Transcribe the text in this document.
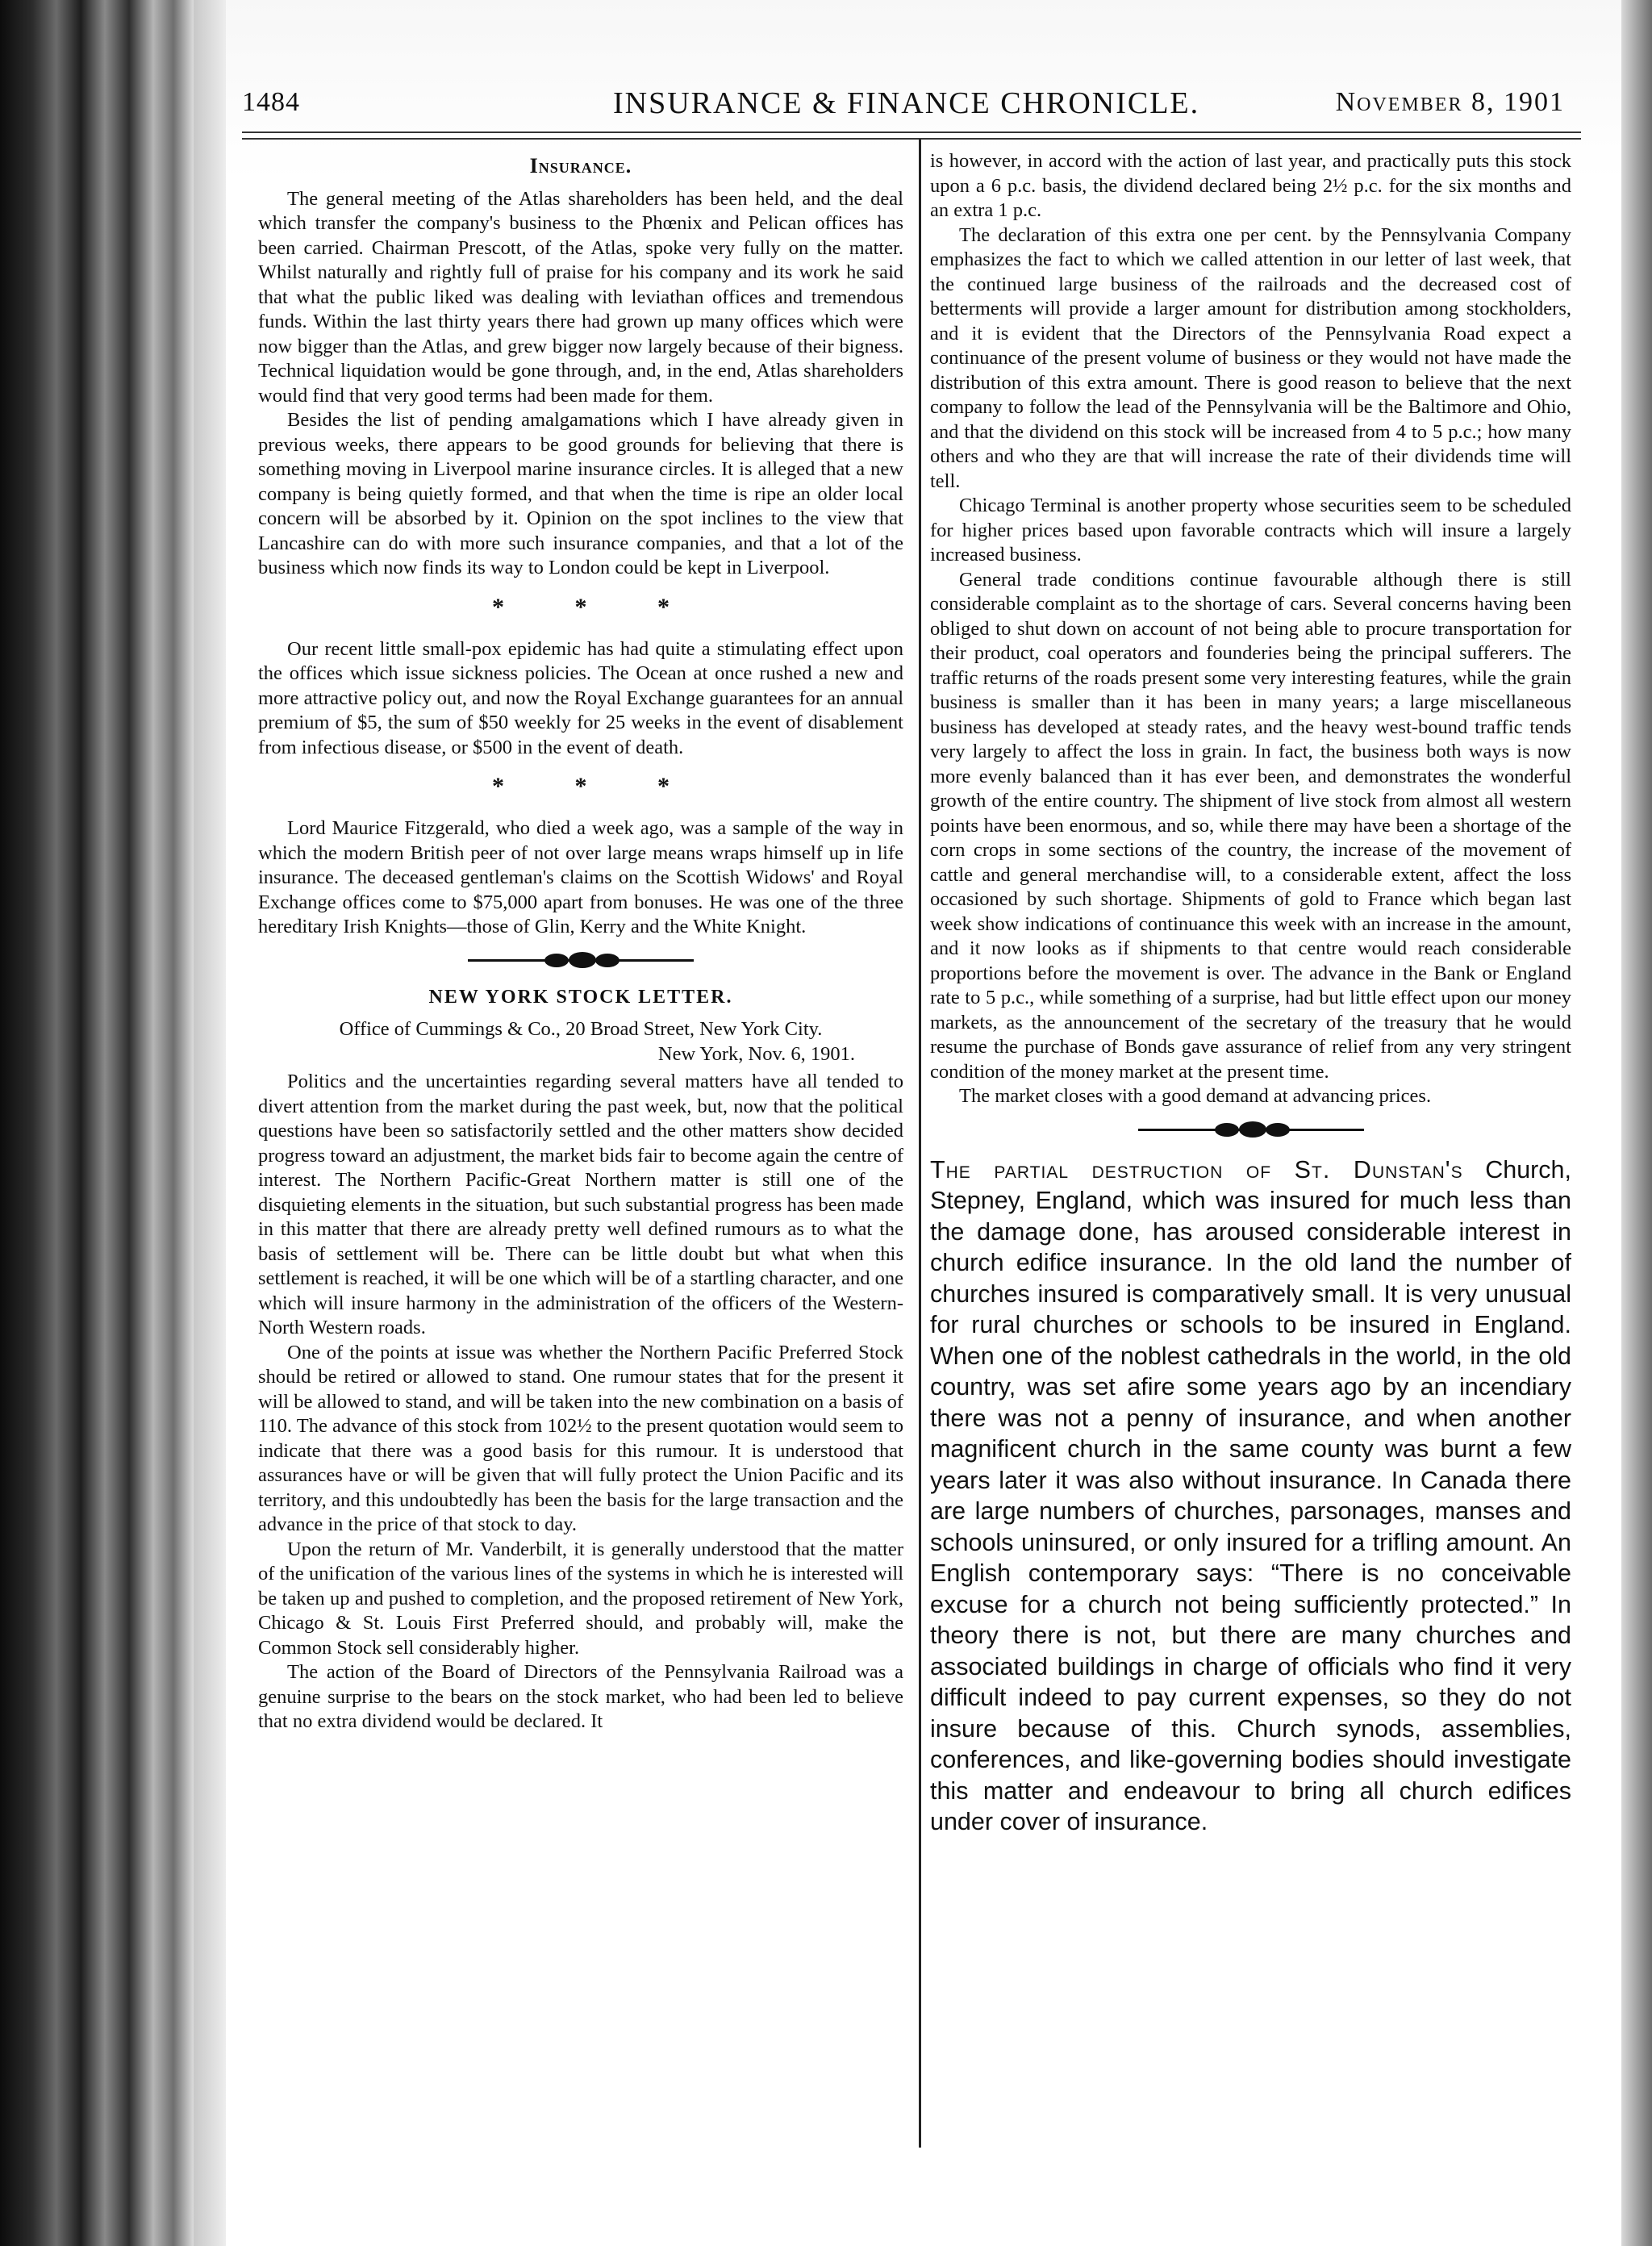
1484	INSURANCE & FINANCE CHRONICLE.	November 8, 1901
Insurance.

The general meeting of the Atlas shareholders has been held, and the deal which transfer the company's business to the Phœnix and Pelican offices has been carried. Chairman Prescott, of the Atlas, spoke very fully on the matter. Whilst naturally and rightly full of praise for his company and its work he said that what the public liked was dealing with leviathan offices and tremendous funds. Within the last thirty years there had grown up many offices which were now bigger than the Atlas, and grew bigger now largely because of their bigness. Technical liquidation would be gone through, and, in the end, Atlas shareholders would find that very good terms had been made for them.

Besides the list of pending amalgamations which I have already given in previous weeks, there appears to be good grounds for believing that there is something moving in Liverpool marine insurance circles. It is alleged that a new company is being quietly formed, and that when the time is ripe an older local concern will be absorbed by it. Opinion on the spot inclines to the view that Lancashire can do with more such insurance companies, and that a lot of the business which now finds its way to London could be kept in Liverpool.

* * *

Our recent little small-pox epidemic has had quite a stimulating effect upon the offices which issue sickness policies. The Ocean at once rushed a new and more attractive policy out, and now the Royal Exchange guarantees for an annual premium of $5, the sum of $50 weekly for 25 weeks in the event of disablement from infectious disease, or $500 in the event of death.

* * *

Lord Maurice Fitzgerald, who died a week ago, was a sample of the way in which the modern British peer of not over large means wraps himself up in life insurance. The deceased gentleman's claims on the Scottish Widows' and Royal Exchange offices come to $75,000 apart from bonuses. He was one of the three hereditary Irish Knights—those of Glin, Kerry and the White Knight.

NEW YORK STOCK LETTER.
Office of Cummings & Co., 20 Broad Street, New York City.
New York, Nov. 6, 1901.

Politics and the uncertainties regarding several matters have all tended to divert attention from the market during the past week, but, now that the political questions have been so satisfactorily settled and the other matters show decided progress toward an adjustment, the market bids fair to become again the centre of interest. The Northern Pacific-Great Northern matter is still one of the disquieting elements in the situation, but such substantial progress has been made in this matter that there are already pretty well defined rumours as to what the basis of settlement will be. There can be little doubt but what when this settlement is reached, it will be one which will be of a startling character, and one which will insure harmony in the administration of the officers of the Western-North Western roads.

One of the points at issue was whether the Northern Pacific Preferred Stock should be retired or allowed to stand. One rumour states that for the present it will be allowed to stand, and will be taken into the new combination on a basis of 110. The advance of this stock from 102½ to the present quotation would seem to indicate that there was a good basis for this rumour. It is understood that assurances have or will be given that will fully protect the Union Pacific and its territory, and this undoubtedly has been the basis for the large transaction and the advance in the price of that stock to day.

Upon the return of Mr. Vanderbilt, it is generally understood that the matter of the unification of the various lines of the systems in which he is interested will be taken up and pushed to completion, and the proposed retirement of New York, Chicago & St. Louis First Preferred should, and probably will, make the Common Stock sell considerably higher.

The action of the Board of Directors of the Pennsylvania Railroad was a genuine surprise to the bears on the stock market, who had been led to believe that no extra dividend would be declared. It

is however, in accord with the action of last year, and practically puts this stock upon a 6 p.c. basis, the dividend declared being 2½ p.c. for the six months and an extra 1 p.c.

The declaration of this extra one per cent. by the Pennsylvania Company emphasizes the fact to which we called attention in our letter of last week, that the continued large business of the railroads and the decreased cost of betterments will provide a larger amount for distribution among stockholders, and it is evident that the Directors of the Pennsylvania Road expect a continuance of the present volume of business or they would not have made the distribution of this extra amount. There is good reason to believe that the next company to follow the lead of the Pennsylvania will be the Baltimore and Ohio, and that the dividend on this stock will be increased from 4 to 5 p.c.; how many others and who they are that will increase the rate of their dividends time will tell.

Chicago Terminal is another property whose securities seem to be scheduled for higher prices based upon favorable contracts which will insure a largely increased business.

General trade conditions continue favourable although there is still considerable complaint as to the shortage of cars. Several concerns having been obliged to shut down on account of not being able to procure transportation for their product, coal operators and founderies being the principal sufferers. The traffic returns of the roads present some very interesting features, while the grain business is smaller than it has been in many years; a large miscellaneous business has developed at steady rates, and the heavy west-bound traffic tends very largely to affect the loss in grain. In fact, the business both ways is now more evenly balanced than it has ever been, and demonstrates the wonderful growth of the entire country. The shipment of live stock from almost all western points have been enormous, and so, while there may have been a shortage of the corn crops in some sections of the country, the increase of the movement of cattle and general merchandise will, to a considerable extent, affect the loss occasioned by such shortage. Shipments of gold to France which began last week show indications of continuance this week with an increase in the amount, and it now looks as if shipments to that centre would reach considerable proportions before the movement is over. The advance in the Bank or England rate to 5 p.c., while something of a surprise, had but little effect upon our money markets, as the announcement of the secretary of the treasury that he would resume the purchase of Bonds gave assurance of relief from any very stringent condition of the money market at the present time.

The market closes with a good demand at advancing prices.

The partial destruction of St. Dunstan's Church, Stepney, England, which was insured for much less than the damage done, has aroused considerable interest in church edifice insurance. In the old land the number of churches insured is comparatively small. It is very unusual for rural churches or schools to be insured in England. When one of the noblest cathedrals in the world, in the old country, was set afire some years ago by an incendiary there was not a penny of insurance, and when another magnificent church in the same county was burnt a few years later it was also without insurance. In Canada there are large numbers of churches, parsonages, manses and schools uninsured, or only insured for a trifling amount. An English contemporary says: “There is no conceivable excuse for a church not being sufficiently protected.” In theory there is not, but there are many churches and associated buildings in charge of officials who find it very difficult indeed to pay current expenses, so they do not insure because of this. Church synods, assemblies, conferences, and like-governing bodies should investigate this matter and endeavour to bring all church edifices under cover of insurance.
